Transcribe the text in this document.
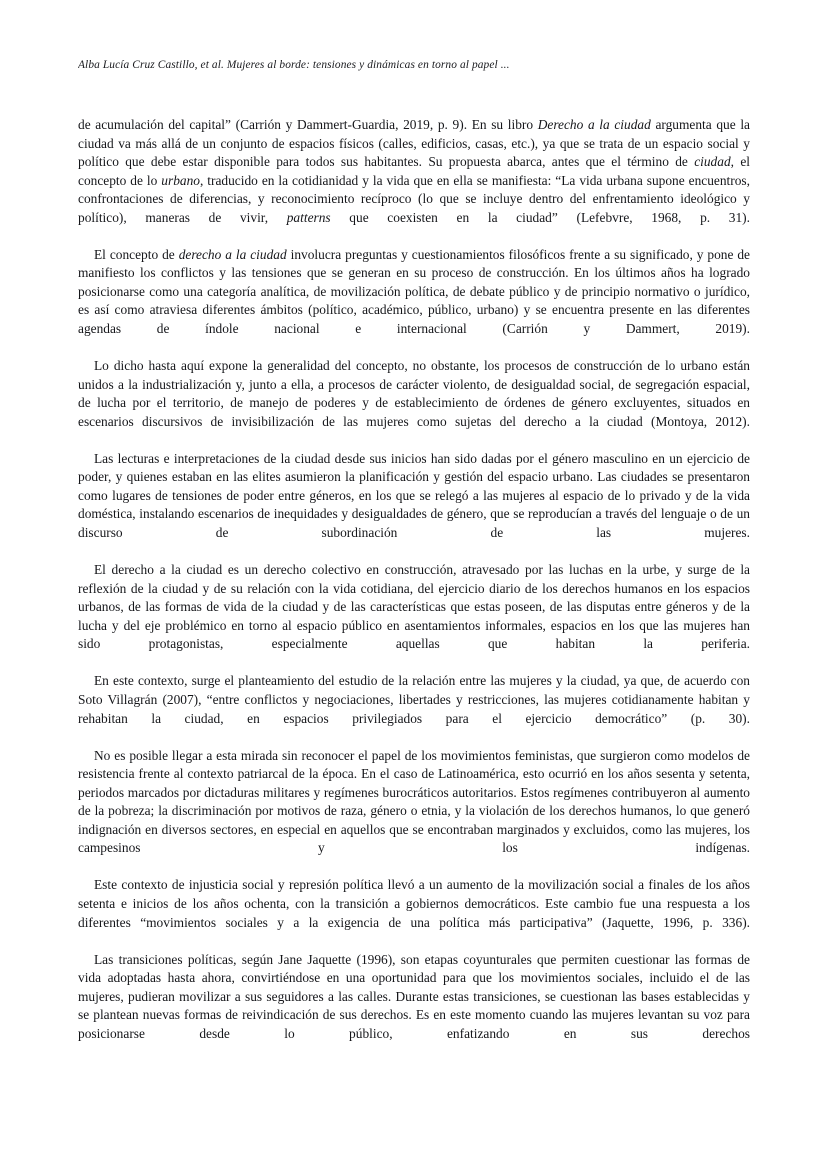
Alba Lucía Cruz Castillo, et al. Mujeres al borde: tensiones y dinámicas en torno al papel ...

de acumulación del capital” (Carrión y Dammert-Guardia, 2019, p. 9). En su libro Derecho a la ciudad argumenta que la ciudad va más allá de un conjunto de espacios físicos (calles, edificios, casas, etc.), ya que se trata de un espacio social y político que debe estar disponible para todos sus habitantes. Su propuesta abarca, antes que el término de ciudad, el concepto de lo urbano, traducido en la cotidianidad y la vida que en ella se manifiesta: “La vida urbana supone encuentros, confrontaciones de diferencias, y reconocimiento recíproco (lo que se incluye dentro del enfrentamiento ideológico y político), maneras de vivir, patterns que coexisten en la ciudad” (Lefebvre, 1968, p. 31).

El concepto de derecho a la ciudad involucra preguntas y cuestionamientos filosóficos frente a su significado, y pone de manifiesto los conflictos y las tensiones que se generan en su proceso de construcción. En los últimos años ha logrado posicionarse como una categoría analítica, de movilización política, de debate público y de principio normativo o jurídico, es así como atraviesa diferentes ámbitos (político, académico, público, urbano) y se encuentra presente en las diferentes agendas de índole nacional e internacional (Carrión y Dammert, 2019).

Lo dicho hasta aquí expone la generalidad del concepto, no obstante, los procesos de construcción de lo urbano están unidos a la industrialización y, junto a ella, a procesos de carácter violento, de desigualdad social, de segregación espacial, de lucha por el territorio, de manejo de poderes y de establecimiento de órdenes de género excluyentes, situados en escenarios discursivos de invisibilización de las mujeres como sujetas del derecho a la ciudad (Montoya, 2012).

Las lecturas e interpretaciones de la ciudad desde sus inicios han sido dadas por el género masculino en un ejercicio de poder, y quienes estaban en las elites asumieron la planificación y gestión del espacio urbano. Las ciudades se presentaron como lugares de tensiones de poder entre géneros, en los que se relegó a las mujeres al espacio de lo privado y de la vida doméstica, instalando escenarios de inequidades y desigualdades de género, que se reproducían a través del lenguaje o de un discurso de subordinación de las mujeres.

El derecho a la ciudad es un derecho colectivo en construcción, atravesado por las luchas en la urbe, y surge de la reflexión de la ciudad y de su relación con la vida cotidiana, del ejercicio diario de los derechos humanos en los espacios urbanos, de las formas de vida de la ciudad y de las características que estas poseen, de las disputas entre géneros y de la lucha y del eje problémico en torno al espacio público en asentamientos informales, espacios en los que las mujeres han sido protagonistas, especialmente aquellas que habitan la periferia.

En este contexto, surge el planteamiento del estudio de la relación entre las mujeres y la ciudad, ya que, de acuerdo con Soto Villagrán (2007), “entre conflictos y negociaciones, libertades y restricciones, las mujeres cotidianamente habitan y rehabitan la ciudad, en espacios privilegiados para el ejercicio democrático” (p. 30).

No es posible llegar a esta mirada sin reconocer el papel de los movimientos feministas, que surgieron como modelos de resistencia frente al contexto patriarcal de la época. En el caso de Latinoamérica, esto ocurrió en los años sesenta y setenta, periodos marcados por dictaduras militares y regímenes burocráticos autoritarios. Estos regímenes contribuyeron al aumento de la pobreza; la discriminación por motivos de raza, género o etnia, y la violación de los derechos humanos, lo que generó indignación en diversos sectores, en especial en aquellos que se encontraban marginados y excluidos, como las mujeres, los campesinos y los indígenas.

Este contexto de injusticia social y represión política llevó a un aumento de la movilización social a finales de los años setenta e inicios de los años ochenta, con la transición a gobiernos democráticos. Este cambio fue una respuesta a los diferentes “movimientos sociales y a la exigencia de una política más participativa” (Jaquette, 1996, p. 336).

Las transiciones políticas, según Jane Jaquette (1996), son etapas coyunturales que permiten cuestionar las formas de vida adoptadas hasta ahora, convirtiéndose en una oportunidad para que los movimientos sociales, incluido el de las mujeres, pudieran movilizar a sus seguidores a las calles. Durante estas transiciones, se cuestionan las bases establecidas y se plantean nuevas formas de reivindicación de sus derechos. Es en este momento cuando las mujeres levantan su voz para posicionarse desde lo público, enfatizando en sus derechos
